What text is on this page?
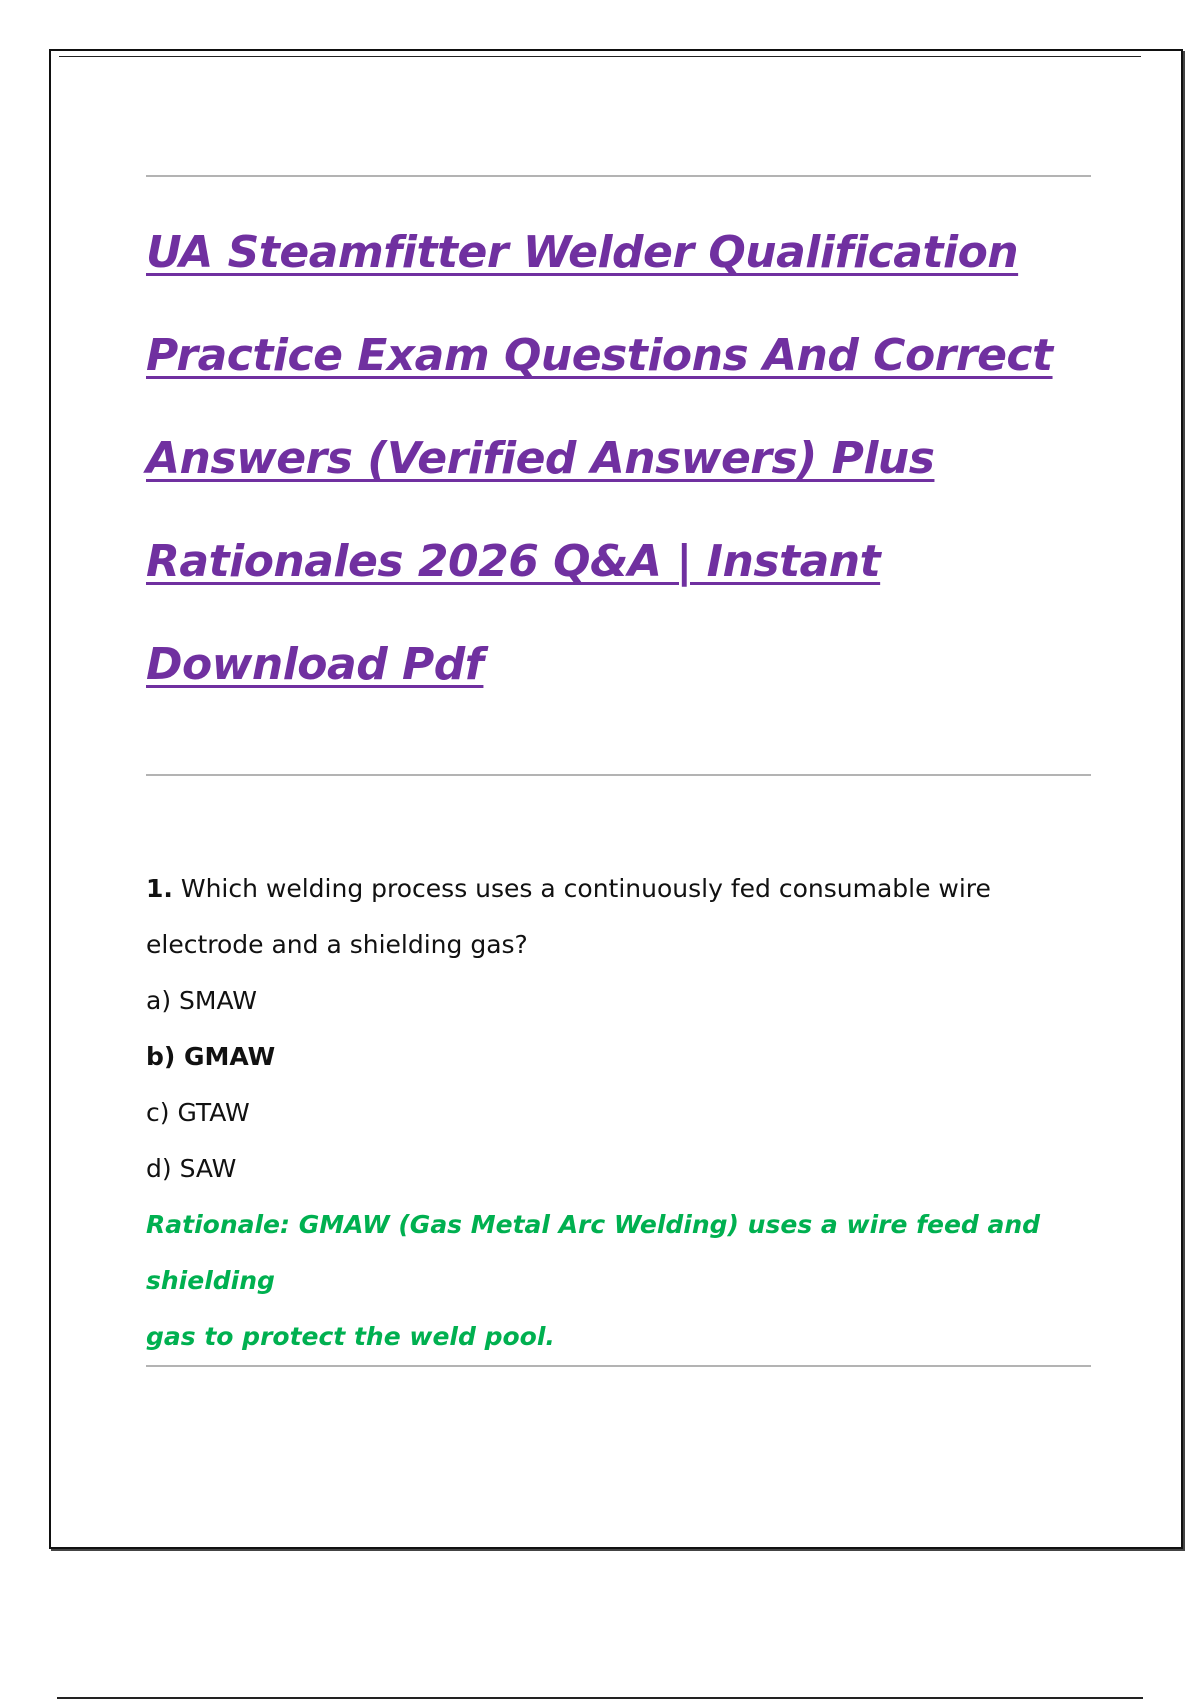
UA Steamfitter Welder Qualification
Practice Exam Questions And Correct
Answers (Verified Answers) Plus
Rationales 2026 Q&A | Instant
Download Pdf

1. Which welding process uses a continuously fed consumable wire

electrode and a shielding gas?

a) SMAW

b) GMAW

c) GTAW

d) SAW

Rationale: GMAW (Gas Metal Arc Welding) uses a wire feed and shielding

gas to protect the weld pool.
